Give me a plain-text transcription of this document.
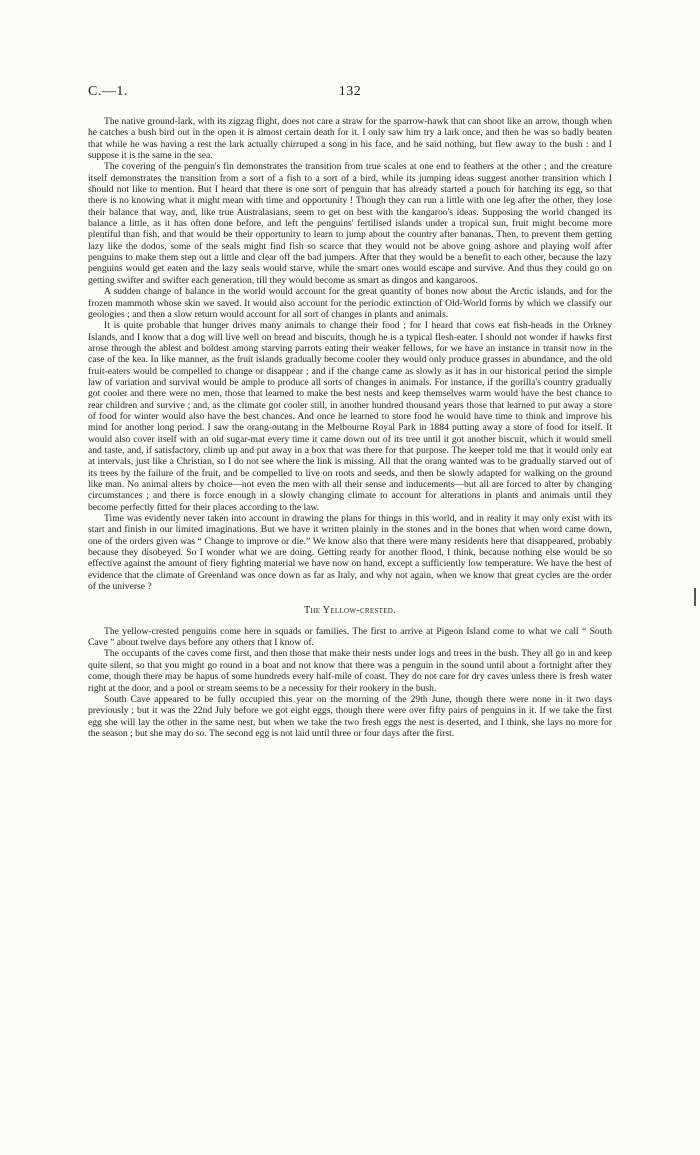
C.—1.	132

The native ground-lark, with its zigzag flight, does not care a straw for the sparrow-hawk that can shoot like an arrow, though when he catches a bush bird out in the open it is almost certain death for it. I only saw him try a lark once, and then he was so badly beaten that while he was having a rest the lark actually chirruped a song in his face, and he said nothing, but flew away to the bush : and I suppose it is the same in the sea.

The covering of the penguin's fin demonstrates the transition from true scales at one end to feathers at the other ; and the creature itself demonstrates the transition from a sort of a fish to a sort of a bird, while its jumping ideas suggest another transition which I should not like to mention. But I heard that there is one sort of penguin that has already started a pouch for hatching its egg, so that there is no knowing what it might mean with time and opportunity ! Though they can run a little with one leg after the other, they lose their balance that way, and, like true Australasians, seem to get on best with the kangaroo's ideas. Supposing the world changed its balance a little, as it has often done before, and left the penguins' fertilised islands under a tropical sun, fruit might become more plentiful than fish, and that would be their opportunity to learn to jump about the country after bananas. Then, to prevent them getting lazy like the dodos, some of the seals might find fish so scarce that they would not be above going ashore and playing wolf after penguins to make them step out a little and clear off the bad jumpers. After that they would be a benefit to each other, because the lazy penguins would get eaten and the lazy seals would starve, while the smart ones would escape and survive. And thus they could go on getting swifter and swifter each generation, till they would become as smart as dingos and kangaroos.

A sudden change of balance in the world would account for the great quantity of bones now about the Arctic islands, and for the frozen mammoth whose skin we saved. It would also account for the periodic extinction of Old-World forms by which we classify our geologies ; and then a slow return would account for all sort of changes in plants and animals.

It is quite probable that hunger drives many animals to change their food ; for I heard that cows eat fish-heads in the Orkney Islands, and I know that a dog will live well on bread and biscuits, though he is a typical flesh-eater. I should not wonder if hawks first arose through the ablest and boldest among starving parrots eating their weaker fellows, for we have an instance in transit now in the case of the kea. In like manner, as the fruit islands gradually become cooler they would only produce grasses in abundance, and the old fruit-eaters would be compelled to change or disappear ; and if the change came as slowly as it has in our historical period the simple law of variation and survival would be ample to produce all sorts of changes in animals. For instance, if the gorilla's country gradually got cooler and there were no men, those that learned to make the best nests and keep themselves warm would have the best chance to rear children and survive ; and, as the climate got cooler still, in another hundred thousand years those that learned to put away a store of food for winter would also have the best chances. And once he learned to store food he would have time to think and improve his mind for another long period. I saw the orang-outang in the Melbourne Royal Park in 1884 putting away a store of food for itself. It would also cover itself with an old sugar-mat every time it came down out of its tree until it got another biscuit, which it would smell and taste, and, if satisfactory, climb up and put away in a box that was there for that purpose. The keeper told me that it would only eat at intervals, just like a Christian, so I do not see where the link is missing. All that the orang wanted was to be gradually starved out of its trees by the failure of the fruit, and be compelled to live on roots and seeds, and then be slowly adapted for walking on the ground like man. No animal alters by choice—not even the men with all their sense and inducements—but all are forced to alter by changing circumstances ; and there is force enough in a slowly changing climate to account for alterations in plants and animals until they become perfectly fitted for their places according to the law.

Time was evidently never taken into account in drawing the plans for things in this world, and in reality it may only exist with its start and finish in our limited imaginations. But we have it written plainly in the stones and in the bones that when word came down, one of the orders given was “ Change to improve or die.” We know also that there were many residents here that disappeared, probably because they disobeyed. So I wonder what we are doing. Getting ready for another flood, I think, because nothing else would be so effective against the amount of fiery fighting material we have now on hand, except a sufficiently low temperature. We have the best of evidence that the climate of Greenland was once down as far as Italy, and why not again, when we know that great cycles are the order of the universe ?

The Yellow-crested.

The yellow-crested penguins come here in squads or families. The first to arrive at Pigeon Island come to what we call “ South Cave ” about twelve days before any others that I know of.

The occupants of the caves come first, and then those that make their nests under logs and trees in the bush. They all go in and keep quite silent, so that you might go round in a boat and not know that there was a penguin in the sound until about a fortnight after they come, though there may be hapus of some hundreds every half-mile of coast. They do not care for dry caves unless there is fresh water right at the door, and a pool or stream seems to be a necessity for their rookery in the bush.

South Cave appeared to be fully occupied this year on the morning of the 29th June, though there were none in it two days previously ; but it was the 22nd July before we got eight eggs, though there were over fifty pairs of penguins in it. If we take the first egg she will lay the other in the same nest, but when we take the two fresh eggs the nest is deserted, and I think, she lays no more for the season ; but she may do so. The second egg is not laid until three or four days after the first.
